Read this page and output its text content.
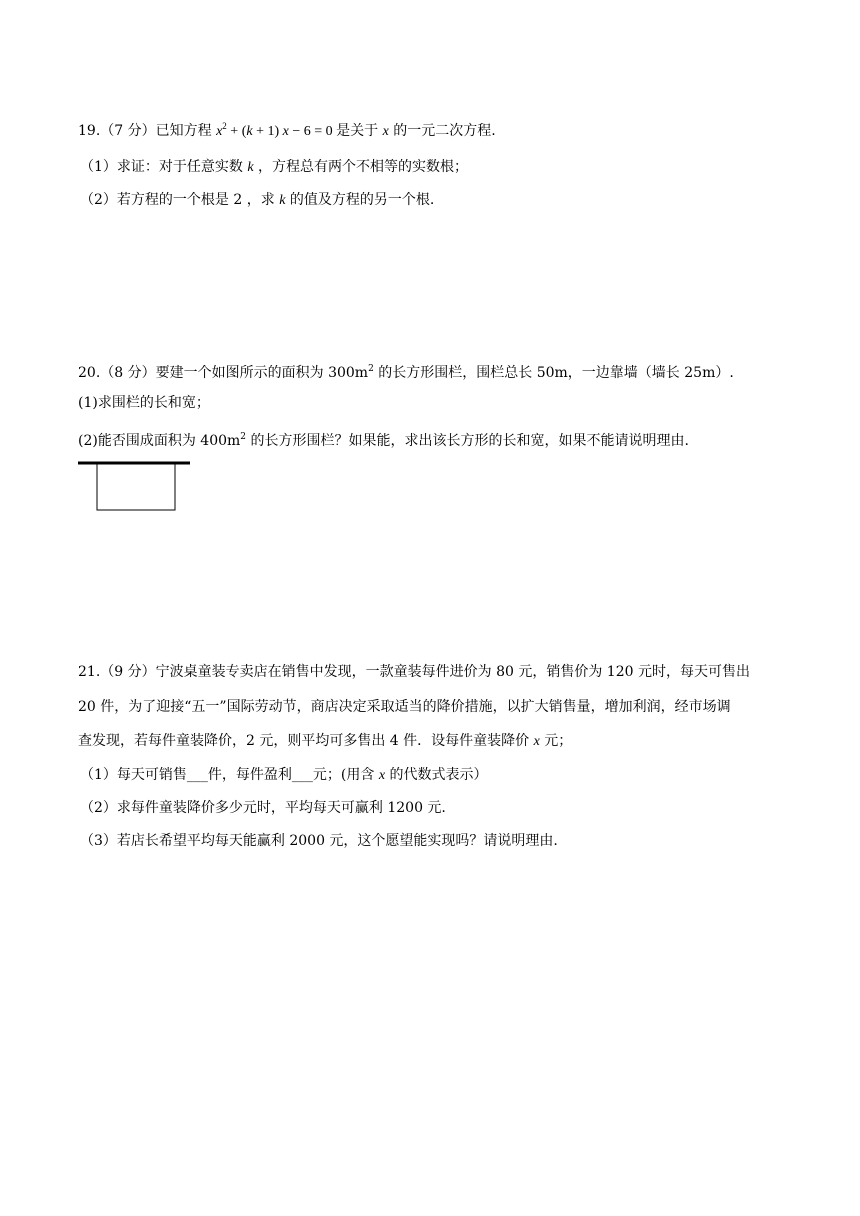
19.（7 分）已知方程 $x^2 + (k + 1) x - 6 = 0$ 是关于 x 的一元二次方程.
（1）求证：对于任意实数 k ，方程总有两个不相等的实数根；
（2）若方程的一个根是 2 ，求 k 的值及方程的另一个根.
20.（8 分）要建一个如图所示的面积为 $300m^2$ 的长方形围栏，围栏总长 50m，一边靠墙（墙长 25m）.
(1)求围栏的长和宽；
(2)能否围成面积为 $400m^2$ 的长方形围栏？如果能，求出该长方形的长和宽，如果不能请说明理由.
21.（9 分）宁波桌童装专卖店在销售中发现，一款童装每件进价为 80 元，销售价为 120 元时，每天可售出
20 件，为了迎接“五一”国际劳动节，商店决定采取适当的降价措施，以扩大销售量，增加利润，经市场调
查发现，若每件童装降价，2 元，则平均可多售出 4 件．设每件童装降价 x 元；
（1）每天可销售___件，每件盈利___元；(用含 x 的代数式表示）
（2）求每件童装降价多少元时，平均每天可赢利 1200 元.
（3）若店长希望平均每天能赢利 2000 元，这个愿望能实现吗？请说明理由.
